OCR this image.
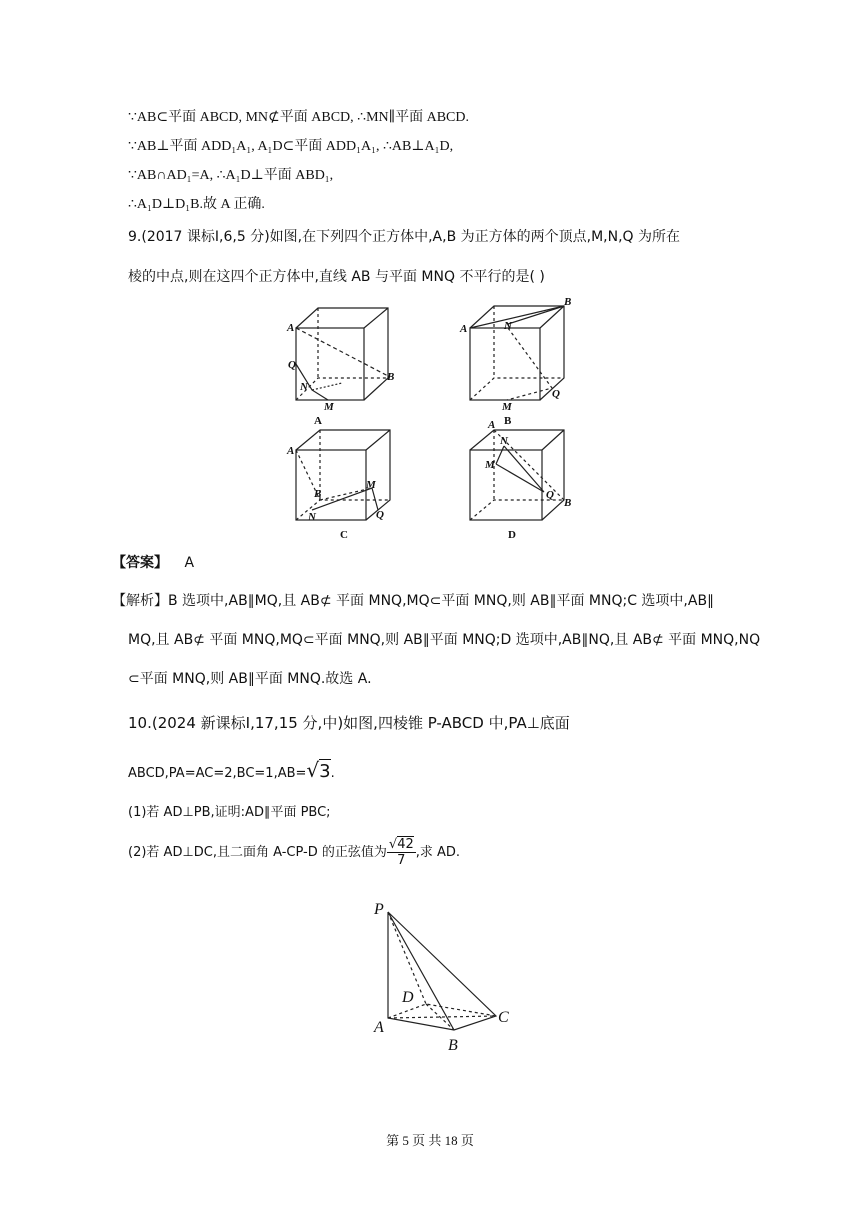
∵AB⊂平面 ABCD, MN⊄平面 ABCD, ∴MN∥平面 ABCD.
∵AB⊥平面 ADD₁A₁, A₁D⊂平面 ADD₁A₁, ∴AB⊥A₁D,
∵AB∩AD₁=A, ∴A₁D⊥平面 ABD₁,
∴A₁D⊥D₁B.故 A 正确.
9.(2017 课标Ⅰ,6,5 分)如图,在下列四个正方体中,A,B 为正方体的两个顶点,M,N,Q 为所在
棱的中点,则在这四个正方体中,直线 AB 与平面 MNQ 不平行的是( )
A
B
Q
N
M
A
B
N
M
Q
A
B
N
M
Q
A
B
N
M
Q
A	B
C	D
【答案】 A
【解析】B 选项中,AB∥MQ,且 AB⊄ 平面 MNQ,MQ⊂平面 MNQ,则 AB∥平面 MNQ;C 选项中,AB∥
MQ,且 AB⊄ 平面 MNQ,MQ⊂平面 MNQ,则 AB∥平面 MNQ;D 选项中,AB∥NQ,且 AB⊄ 平面 MNQ,NQ
⊂平面 MNQ,则 AB∥平面 MNQ.故选 A.
10.(2024 新课标Ⅰ,17,15 分,中)如图,四棱锥 P-ABCD 中,PA⊥底面
ABCD,PA=AC=2,BC=1,AB=√3.
(1)若 AD⊥PB,证明:AD∥平面 PBC;
(2)若 AD⊥DC,且二面角 A-CP-D 的正弦值为 $\frac{√42}{7}$ ,求 AD.
P
D
A
B
C
第 5 页 共 18 页
